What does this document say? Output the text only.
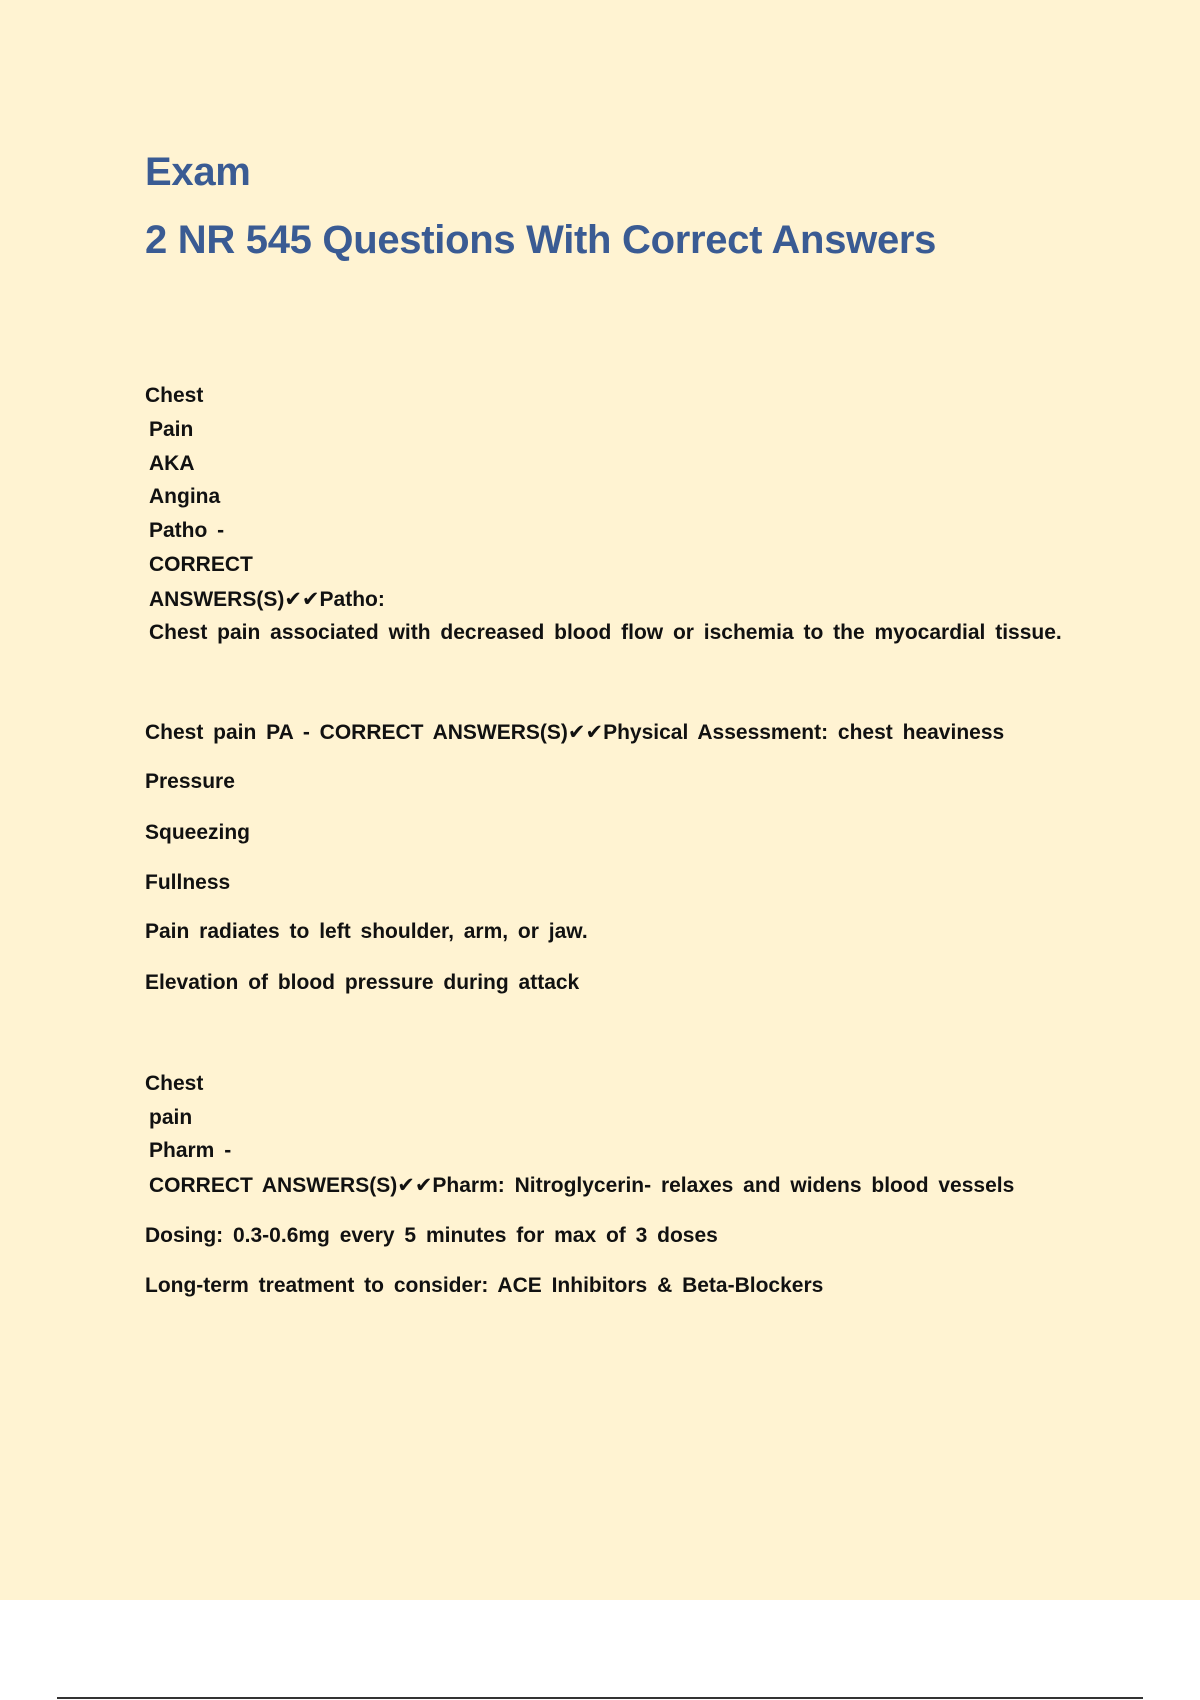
Exam
2 NR 545 Questions With Correct Answers
Chest
Pain
AKA
Angina
Patho -
CORRECT
ANSWERS(S)✔✔Patho:
Chest pain associated with decreased blood flow or ischemia to the myocardial tissue.
Chest pain PA - CORRECT ANSWERS(S)✔✔Physical Assessment: chest heaviness
Pressure
Squeezing
Fullness
Pain radiates to left shoulder, arm, or jaw.
Elevation of blood pressure during attack
Chest
pain
Pharm -
CORRECT ANSWERS(S)✔✔Pharm: Nitroglycerin- relaxes and widens blood vessels
Dosing: 0.3-0.6mg every 5 minutes for max of 3 doses
Long-term treatment to consider: ACE Inhibitors & Beta-Blockers
